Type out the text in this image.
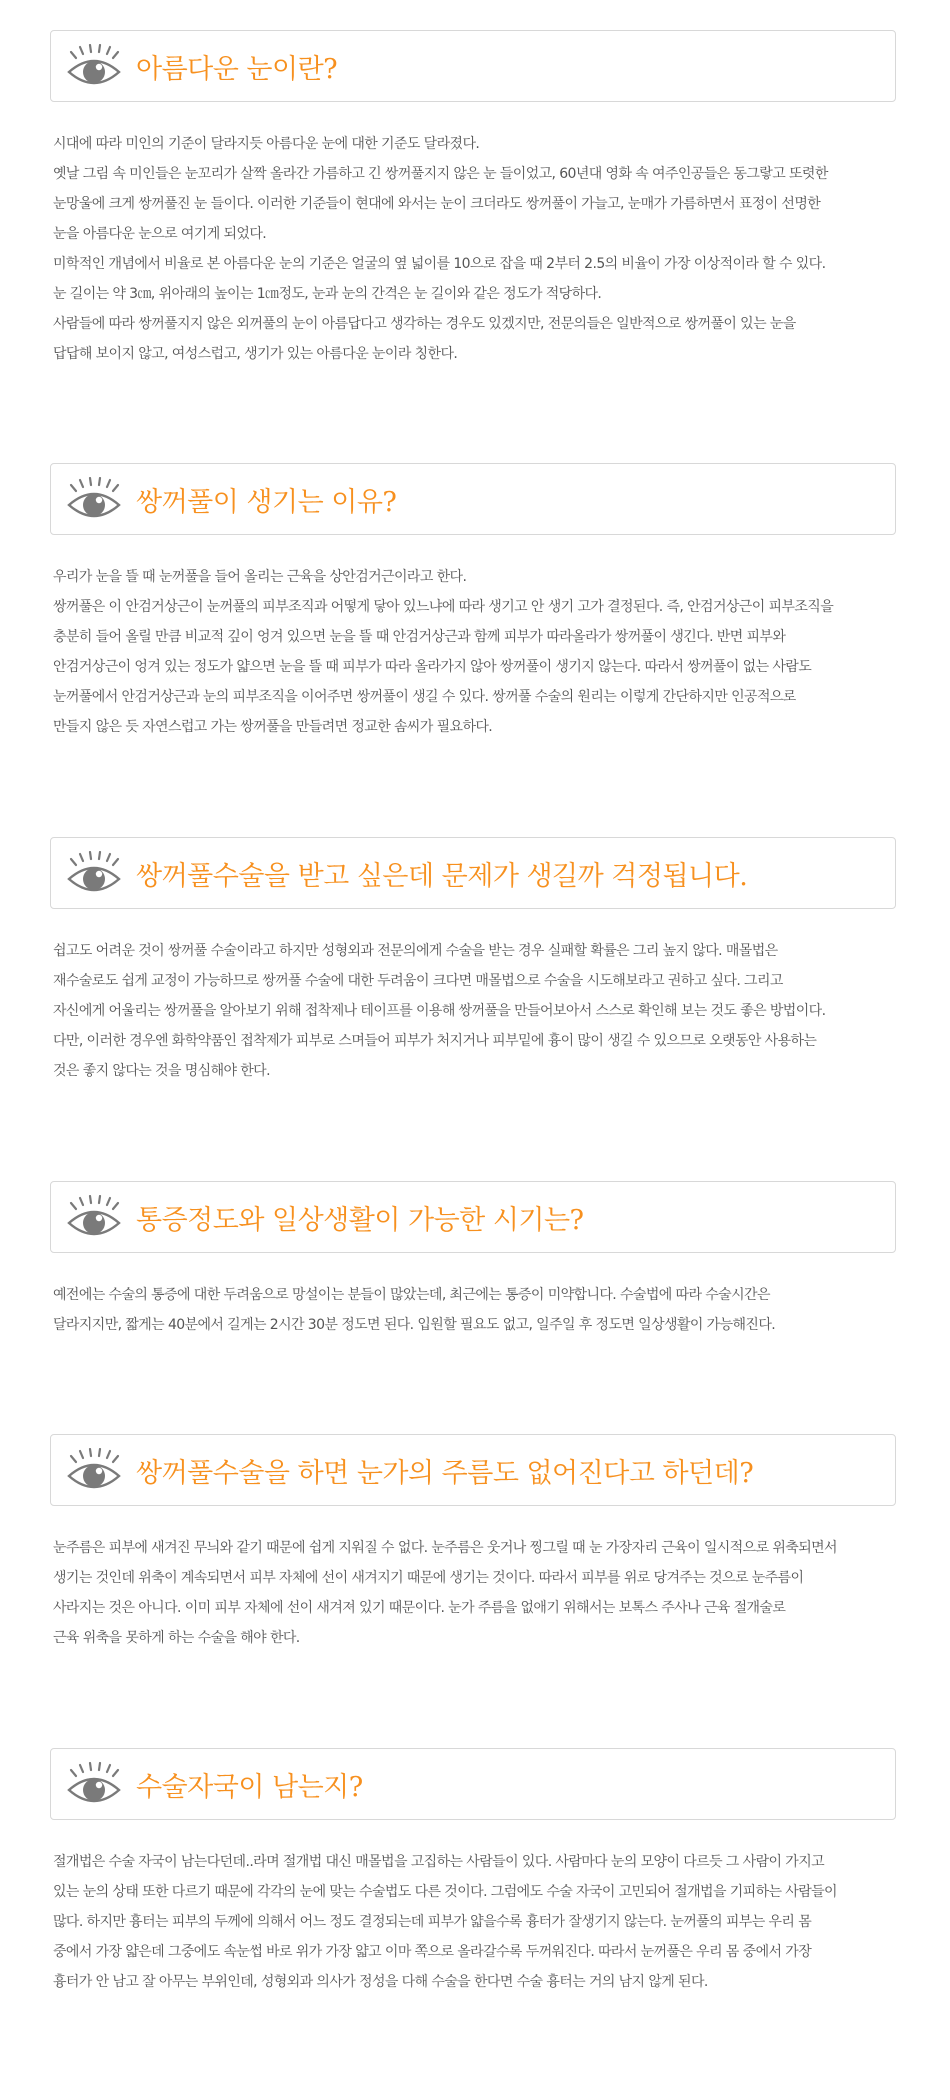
아름다운 눈이란?

시대에 따라 미인의 기준이 달라지듯 아름다운 눈에 대한 기준도 달라졌다.

옛날 그림 속 미인들은 눈꼬리가 살짝 올라간 가름하고 긴 쌍꺼풀지지 않은 눈 들이었고, 60년대 영화 속 여주인공들은 동그랗고 또렷한

눈망울에 크게 쌍꺼풀진 눈 들이다. 이러한 기준들이 현대에 와서는 눈이 크더라도 쌍꺼풀이 가늘고, 눈매가 가름하면서 표정이 선명한

눈을 아름다운 눈으로 여기게 되었다.

미학적인 개념에서 비율로 본 아름다운 눈의 기준은 얼굴의 옆 넓이를 10으로 잡을 때 2부터 2.5의 비율이 가장 이상적이라 할 수 있다.

눈 길이는 약 3㎝, 위아래의 높이는 1㎝정도, 눈과 눈의 간격은 눈 길이와 같은 정도가 적당하다.

사람들에 따라 쌍꺼풀지지 않은 외꺼풀의 눈이 아름답다고 생각하는 경우도 있겠지만, 전문의들은 일반적으로 쌍꺼풀이 있는 눈을

답답해 보이지 않고, 여성스럽고, 생기가 있는 아름다운 눈이라 칭한다.

쌍꺼풀이 생기는 이유?

우리가 눈을 뜰 때 눈꺼풀을 들어 올리는 근육을 상안검거근이라고 한다.

쌍꺼풀은 이 안검거상근이 눈꺼풀의 피부조직과 어떻게 닿아 있느냐에 따라 생기고 안 생기 고가 결정된다. 즉, 안검거상근이 피부조직을

충분히 들어 올릴 만큼 비교적 깊이 엉겨 있으면 눈을 뜰 때 안검거상근과 함께 피부가 따라올라가 쌍꺼풀이 생긴다. 반면 피부와

안검거상근이 엉겨 있는 정도가 얇으면 눈을 뜰 때 피부가 따라 올라가지 않아 쌍꺼풀이 생기지 않는다. 따라서 쌍꺼풀이 없는 사람도

눈꺼풀에서 안검거상근과 눈의 피부조직을 이어주면 쌍꺼풀이 생길 수 있다. 쌍꺼풀 수술의 원리는 이렇게 간단하지만 인공적으로

만들지 않은 듯 자연스럽고 가는 쌍꺼풀을 만들려면 정교한 솜씨가 필요하다.

쌍꺼풀수술을 받고 싶은데 문제가 생길까 걱정됩니다.

쉽고도 어려운 것이 쌍꺼풀 수술이라고 하지만 성형외과 전문의에게 수술을 받는 경우 실패할 확률은 그리 높지 않다. 매몰법은

재수술로도 쉽게 교정이 가능하므로 쌍꺼풀 수술에 대한 두려움이 크다면 매몰법으로 수술을 시도해보라고 권하고 싶다. 그리고

자신에게 어울리는 쌍꺼풀을 알아보기 위해 접착제나 테이프를 이용해 쌍꺼풀을 만들어보아서 스스로 확인해 보는 것도 좋은 방법이다.

다만, 이러한 경우엔 화학약품인 접착제가 피부로 스며들어 피부가 처지거나 피부밑에 흉이 많이 생길 수 있으므로 오랫동안 사용하는

것은 좋지 않다는 것을 명심해야 한다.

통증정도와 일상생활이 가능한 시기는?

예전에는 수술의 통증에 대한 두려움으로 망설이는 분들이 많았는데, 최근에는 통증이 미약합니다. 수술법에 따라 수술시간은

달라지지만, 짧게는 40분에서 길게는 2시간 30분 정도면 된다. 입원할 필요도 없고, 일주일 후 정도면 일상생활이 가능해진다.

쌍꺼풀수술을 하면 눈가의 주름도 없어진다고 하던데?

눈주름은 피부에 새겨진 무늬와 같기 때문에 쉽게 지워질 수 없다. 눈주름은 웃거나 찡그릴 때 눈 가장자리 근육이 일시적으로 위축되면서

생기는 것인데 위축이 계속되면서 피부 자체에 선이 새겨지기 때문에 생기는 것이다. 따라서 피부를 위로 당겨주는 것으로 눈주름이

사라지는 것은 아니다. 이미 피부 자체에 선이 새겨져 있기 때문이다. 눈가 주름을 없애기 위해서는 보톡스 주사나 근육 절개술로

근육 위축을 못하게 하는 수술을 해야 한다.

수술자국이 남는지?

절개법은 수술 자국이 남는다던데..라며 절개법 대신 매몰법을 고집하는 사람들이 있다. 사람마다 눈의 모양이 다르듯 그 사람이 가지고

있는 눈의 상태 또한 다르기 때문에 각각의 눈에 맞는 수술법도 다른 것이다. 그럼에도 수술 자국이 고민되어 절개법을 기피하는 사람들이

많다. 하지만 흉터는 피부의 두께에 의해서 어느 정도 결정되는데 피부가 얇을수록 흉터가 잘생기지 않는다. 눈꺼풀의 피부는 우리 몸

중에서 가장 얇은데 그중에도 속눈썹 바로 위가 가장 얇고 이마 쪽으로 올라갈수록 두꺼워진다. 따라서 눈꺼풀은 우리 몸 중에서 가장

흉터가 안 남고 잘 아무는 부위인데, 성형외과 의사가 정성을 다해 수술을 한다면 수술 흉터는 거의 남지 않게 된다.
